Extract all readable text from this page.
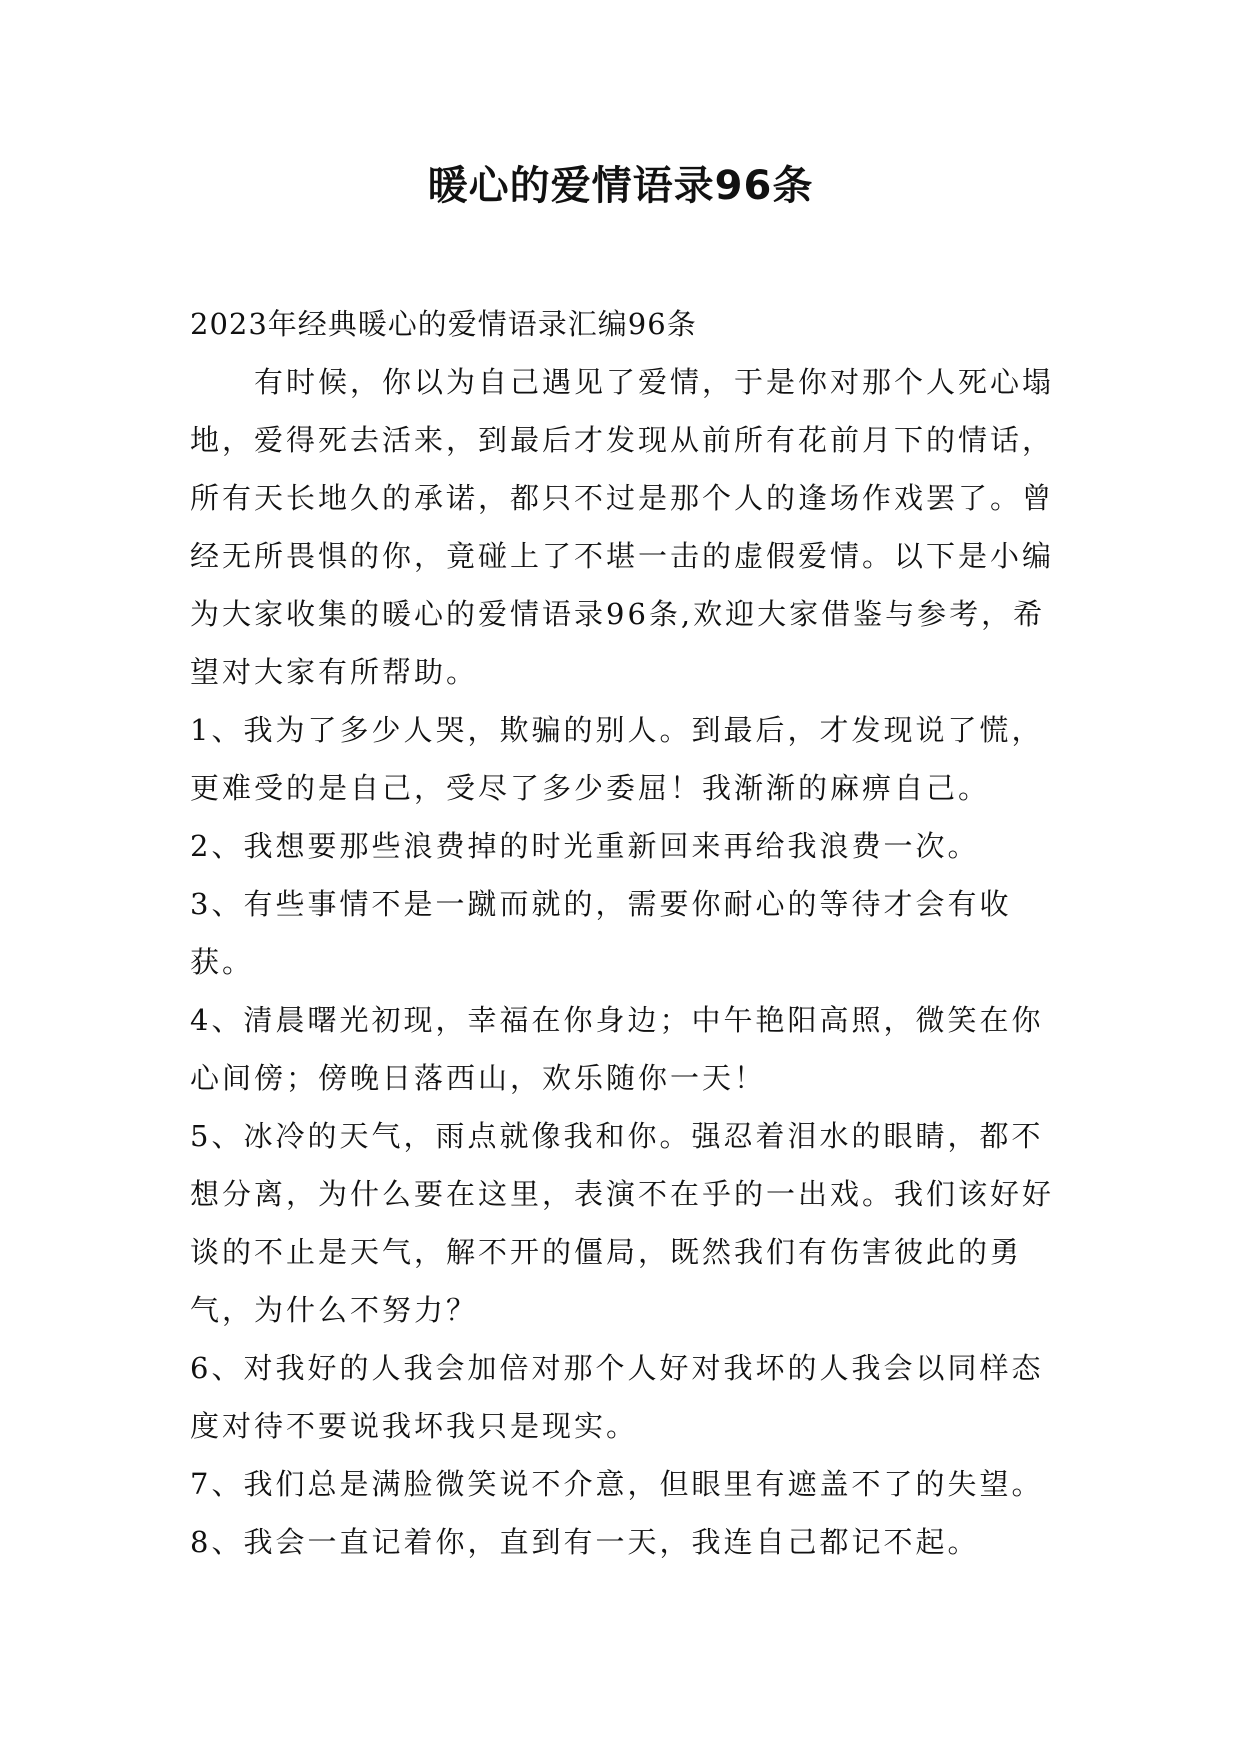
暖心的爱情语录96条

2023年经典暖心的爱情语录汇编96条

有时候，你以为自己遇见了爱情，于是你对那个人死心塌地，爱得死去活来，到最后才发现从前所有花前月下的情话，所有天长地久的承诺，都只不过是那个人的逢场作戏罢了。曾经无所畏惧的你，竟碰上了不堪一击的虚假爱情。以下是小编为大家收集的暖心的爱情语录96条,欢迎大家借鉴与参考，希望对大家有所帮助。

1、我为了多少人哭，欺骗的别人。到最后，才发现说了慌，更难受的是自己，受尽了多少委屈！我渐渐的麻痹自己。

2、我想要那些浪费掉的时光重新回来再给我浪费一次。

3、有些事情不是一蹴而就的，需要你耐心的等待才会有收获。

4、清晨曙光初现，幸福在你身边；中午艳阳高照，微笑在你心间傍；傍晚日落西山，欢乐随你一天！

5、冰冷的天气，雨点就像我和你。强忍着泪水的眼睛，都不想分离，为什么要在这里，表演不在乎的一出戏。我们该好好谈的不止是天气，解不开的僵局，既然我们有伤害彼此的勇气，为什么不努力？

6、对我好的人我会加倍对那个人好对我坏的人我会以同样态度对待不要说我坏我只是现实。

7、我们总是满脸微笑说不介意，但眼里有遮盖不了的失望。

8、我会一直记着你，直到有一天，我连自己都记不起。
